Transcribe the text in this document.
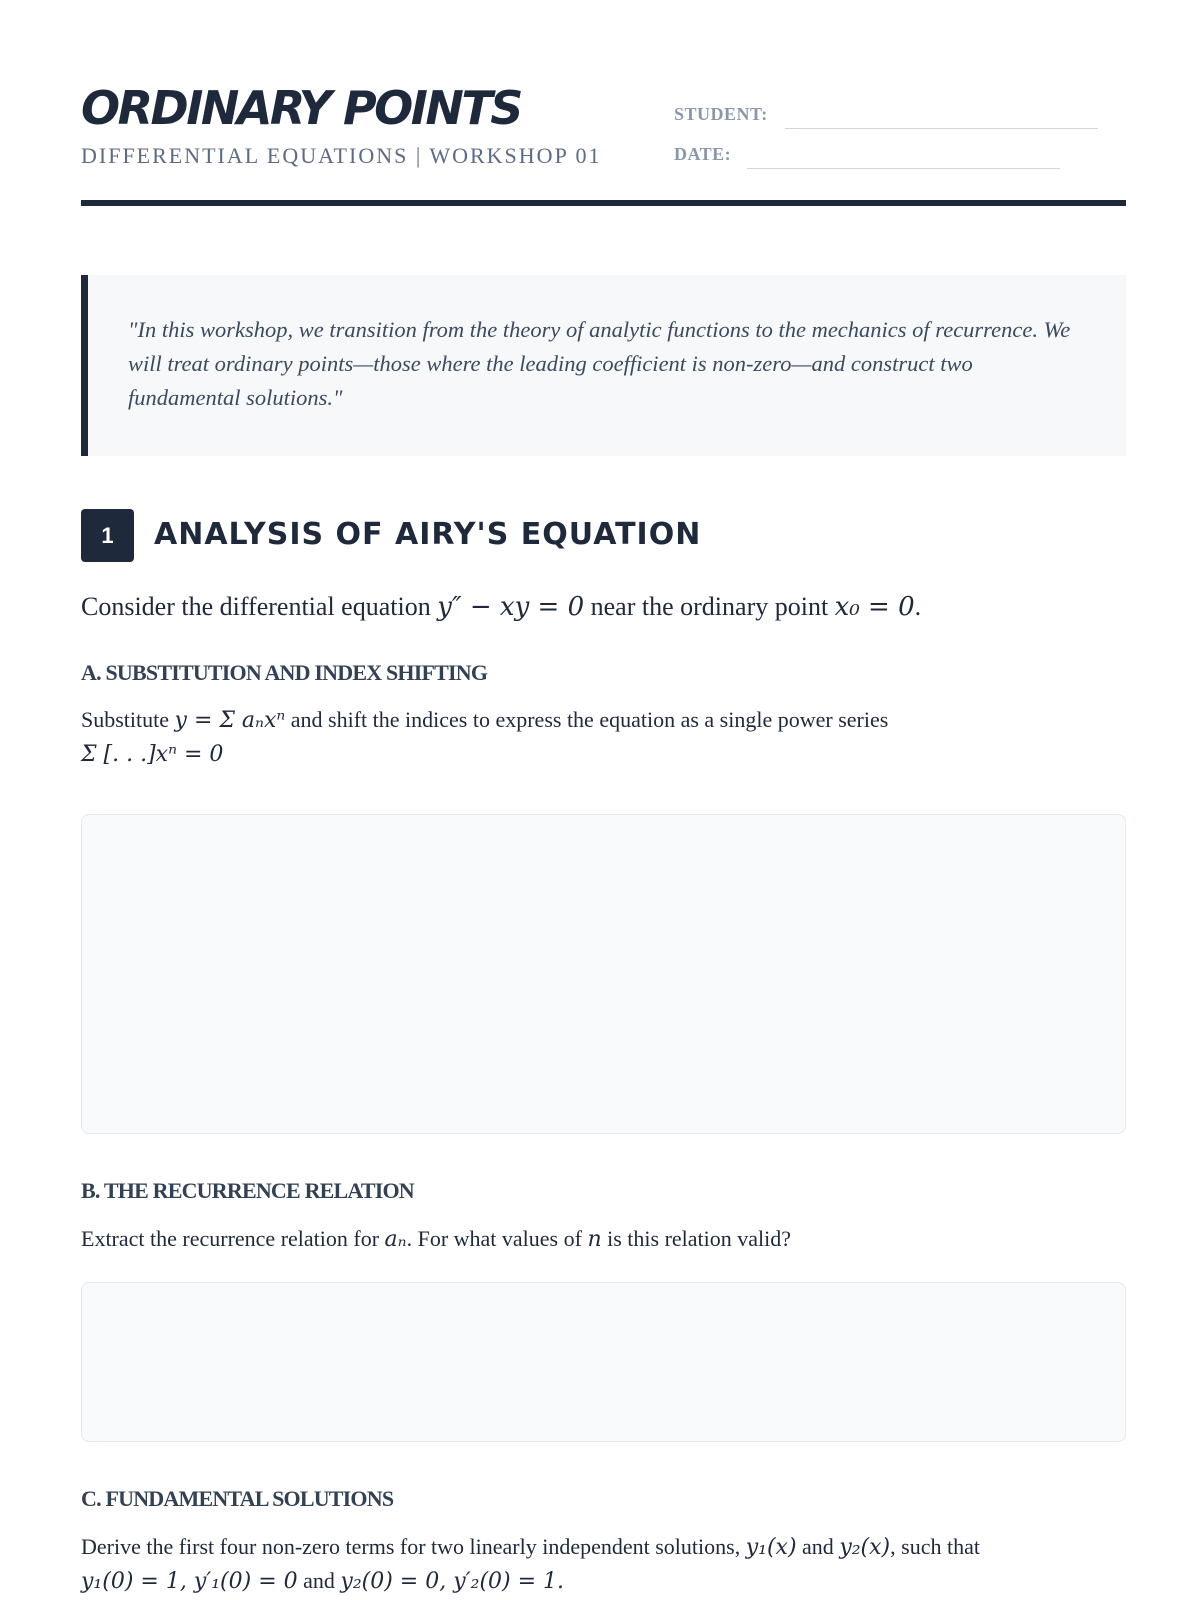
ORDINARY POINTS
DIFFERENTIAL EQUATIONS | WORKSHOP 01
STUDENT:
DATE:

"In this workshop, we transition from the theory of analytic functions to the mechanics of recurrence. We will treat ordinary points—those where the leading coefficient is non-zero—and construct two fundamental solutions."

1	ANALYSIS OF AIRY'S EQUATION
Consider the differential equation y″ − xy = 0 near the ordinary point x₀ = 0.
A. SUBSTITUTION AND INDEX SHIFTING
Substitute y = Σ aₙxⁿ and shift the indices to express the equation as a single power series
Σ [. . .]xⁿ = 0
B. THE RECURRENCE RELATION
Extract the recurrence relation for aₙ. For what values of n is this relation valid?
C. FUNDAMENTAL SOLUTIONS
Derive the first four non-zero terms for two linearly independent solutions, y₁(x) and y₂(x), such that
y₁(0) = 1, y′₁(0) = 0 and y₂(0) = 0, y′₂(0) = 1.
